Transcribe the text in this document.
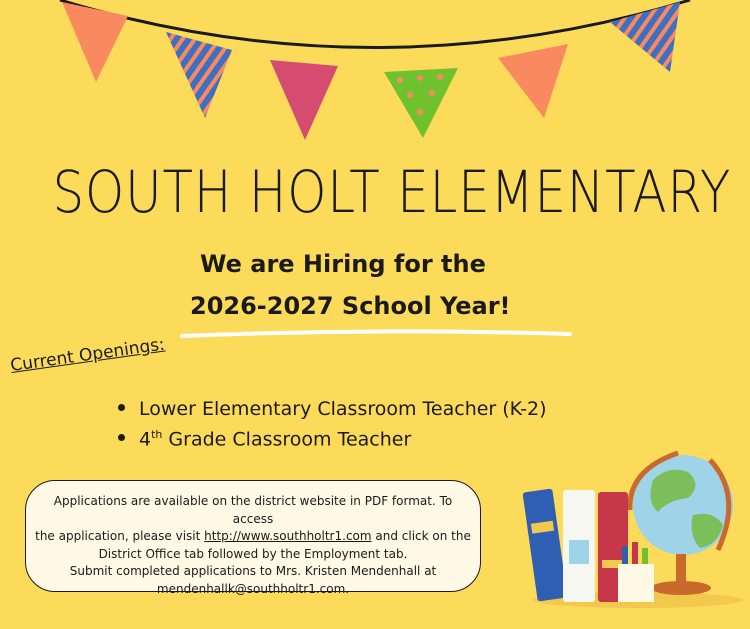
SOUTH HOLT ELEMENTARY
We are Hiring for the
2026-2027 School Year!
Current Openings:
Lower Elementary Classroom Teacher (K-2)
4th Grade Classroom Teacher
Applications are available on the district website in PDF format. To access
the application, please visit http://www.southholtr1.com and click on the
District Office tab followed by the Employment tab.
Submit completed applications to Mrs. Kristen Mendenhall at
mendenhallk@southholtr1.com.
